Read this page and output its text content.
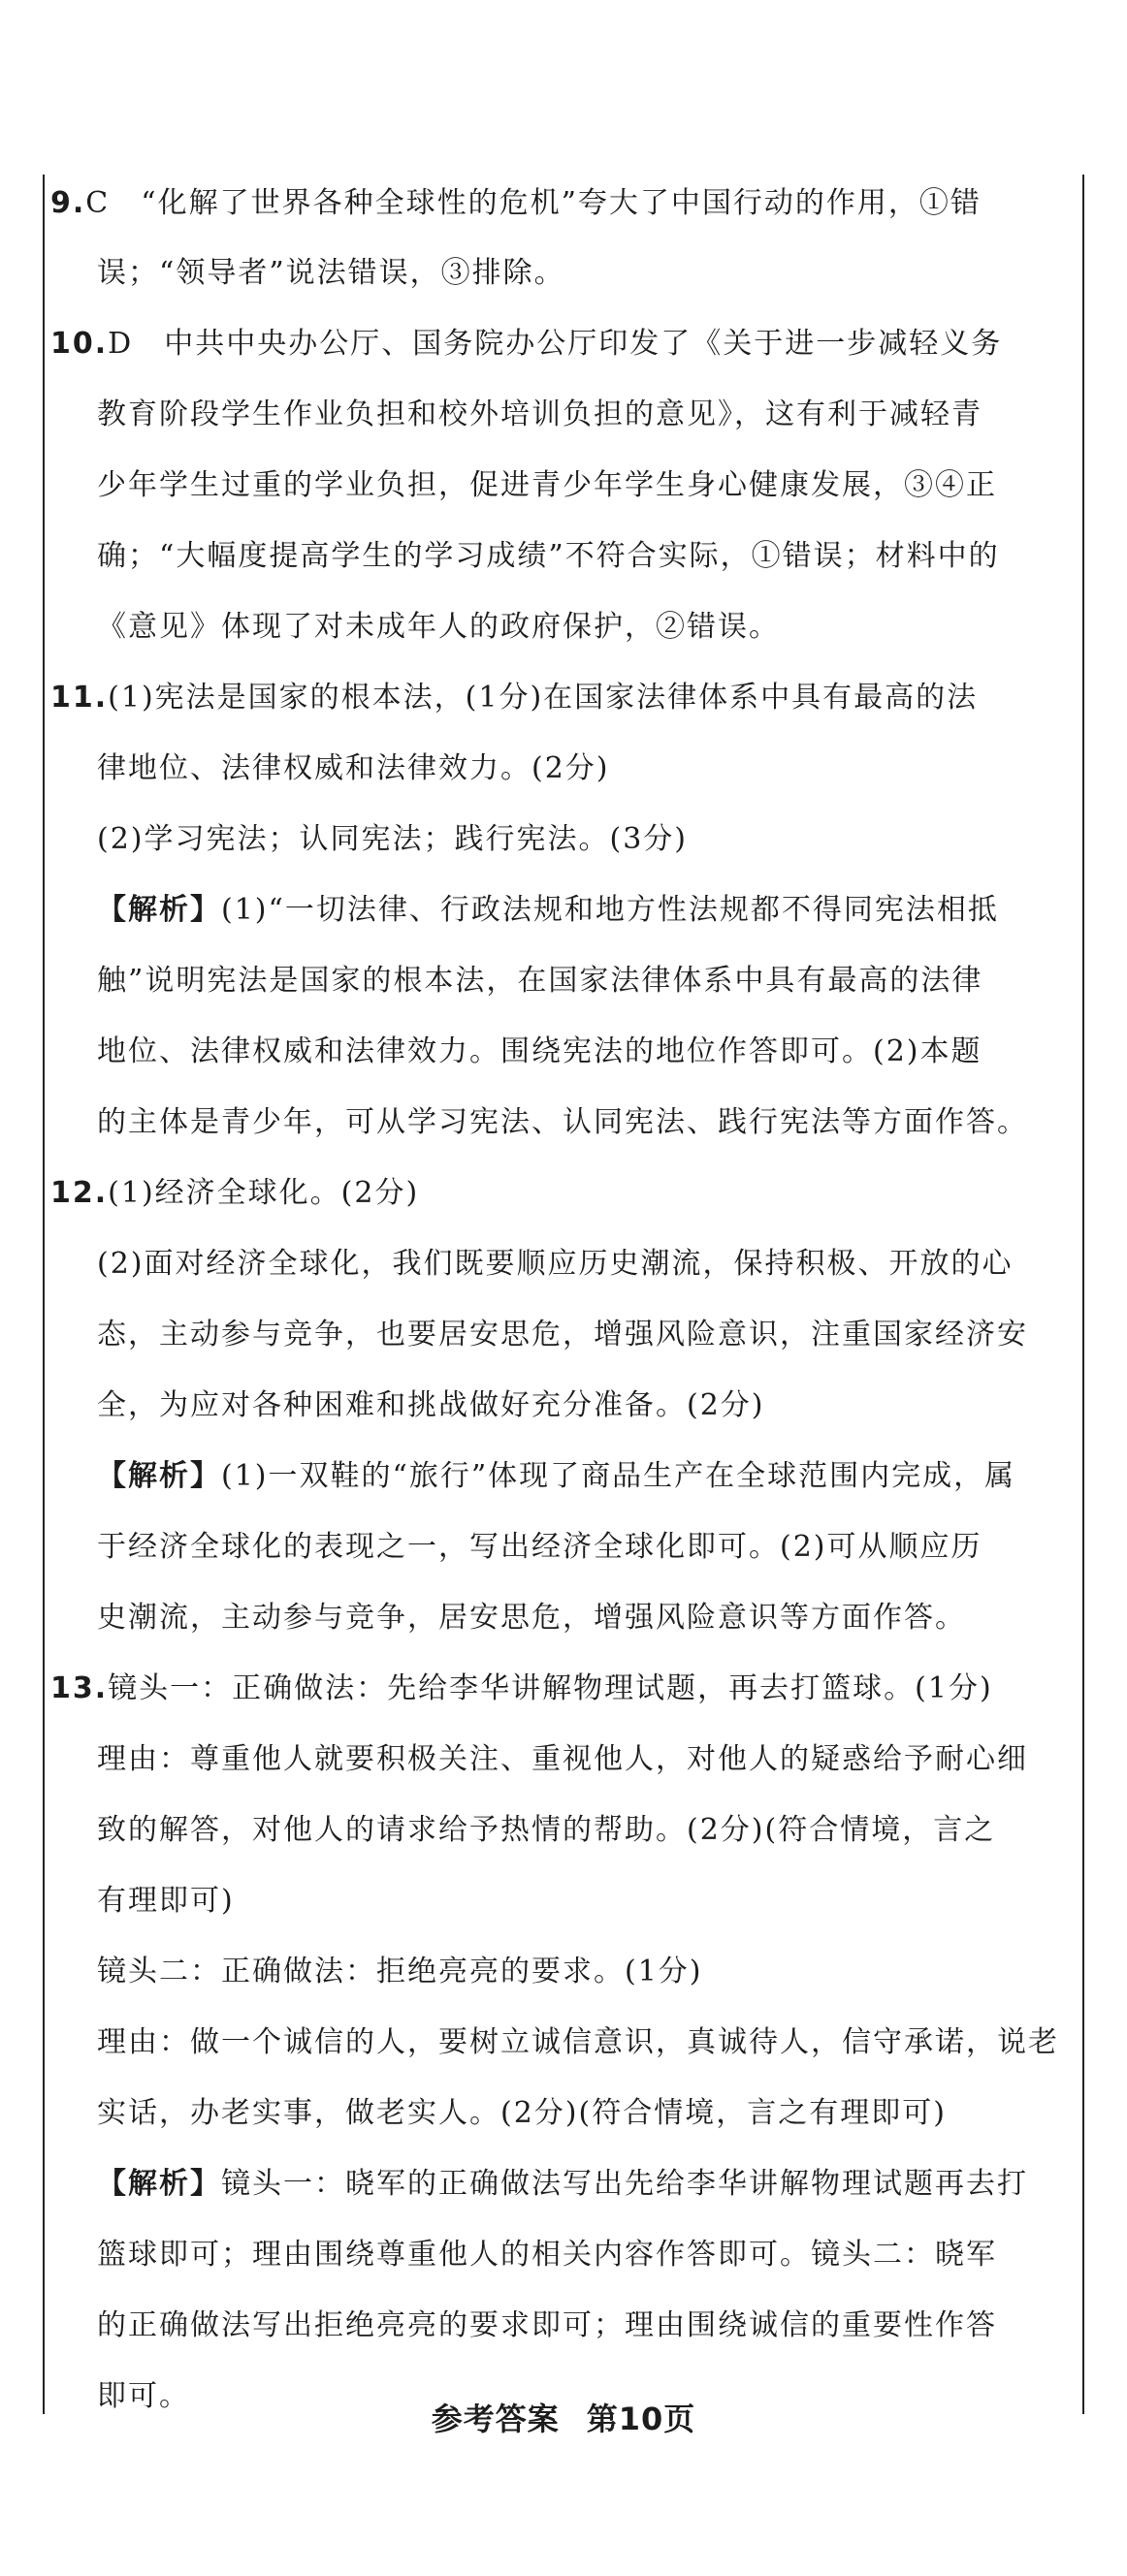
9.C　“化解了世界各种全球性的危机”夸大了中国行动的作用，①错
误；“领导者”说法错误，③排除。
10.D　中共中央办公厅、国务院办公厅印发了《关于进一步减轻义务
教育阶段学生作业负担和校外培训负担的意见》，这有利于减轻青
少年学生过重的学业负担，促进青少年学生身心健康发展，③④正
确；“大幅度提高学生的学习成绩”不符合实际，①错误；材料中的
《意见》体现了对未成年人的政府保护，②错误。
11.(1)宪法是国家的根本法，(1分)在国家法律体系中具有最高的法
律地位、法律权威和法律效力。(2分)
(2)学习宪法；认同宪法；践行宪法。(3分)
【解析】(1)“一切法律、行政法规和地方性法规都不得同宪法相抵
触”说明宪法是国家的根本法，在国家法律体系中具有最高的法律
地位、法律权威和法律效力。围绕宪法的地位作答即可。(2)本题
的主体是青少年，可从学习宪法、认同宪法、践行宪法等方面作答。
12.(1)经济全球化。(2分)
(2)面对经济全球化，我们既要顺应历史潮流，保持积极、开放的心
态，主动参与竞争，也要居安思危，增强风险意识，注重国家经济安
全，为应对各种困难和挑战做好充分准备。(2分)
【解析】(1)一双鞋的“旅行”体现了商品生产在全球范围内完成，属
于经济全球化的表现之一，写出经济全球化即可。(2)可从顺应历
史潮流，主动参与竞争，居安思危，增强风险意识等方面作答。
13.镜头一：正确做法：先给李华讲解物理试题，再去打篮球。(1分)
理由：尊重他人就要积极关注、重视他人，对他人的疑惑给予耐心细
致的解答，对他人的请求给予热情的帮助。(2分)(符合情境，言之
有理即可)
镜头二：正确做法：拒绝亮亮的要求。(1分)
理由：做一个诚信的人，要树立诚信意识，真诚待人，信守承诺，说老
实话，办老实事，做老实人。(2分)(符合情境，言之有理即可)
【解析】镜头一：晓军的正确做法写出先给李华讲解物理试题再去打
篮球即可；理由围绕尊重他人的相关内容作答即可。镜头二：晓军
的正确做法写出拒绝亮亮的要求即可；理由围绕诚信的重要性作答
即可。
参考答案 第10页
